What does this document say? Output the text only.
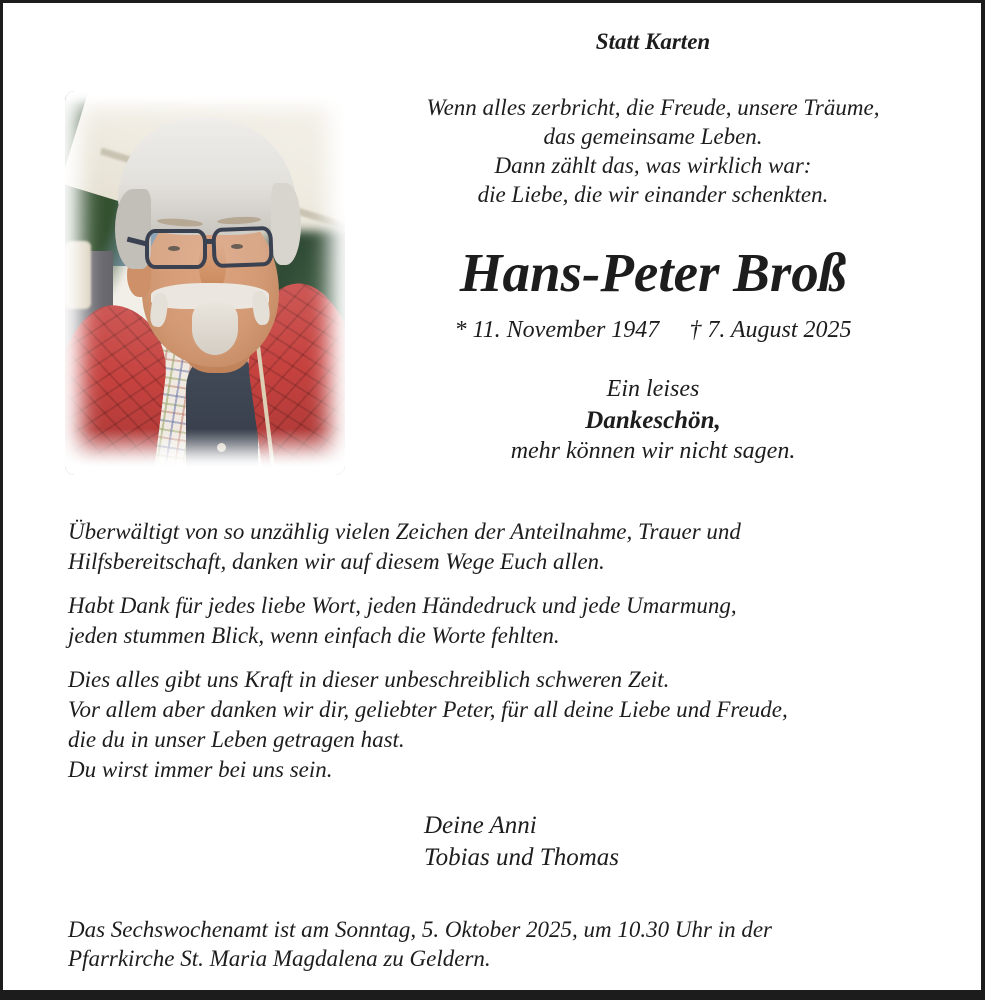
Statt Karten
Wenn alles zerbricht, die Freude, unsere Träume,
das gemeinsame Leben.
Dann zählt das, was wirklich war:
die Liebe, die wir einander schenkten.
Hans-Peter Broß
* 11. November 1947 † 7. August 2025
Ein leises
Dankeschön,
mehr können wir nicht sagen.

Überwältigt von so unzählig vielen Zeichen der Anteilnahme, Trauer und
Hilfsbereitschaft, danken wir auf diesem Wege Euch allen.

Habt Dank für jedes liebe Wort, jeden Händedruck und jede Umarmung,
jeden stummen Blick, wenn einfach die Worte fehlten.

Dies alles gibt uns Kraft in dieser unbeschreiblich schweren Zeit.
Vor allem aber danken wir dir, geliebter Peter, für all deine Liebe und Freude,
die du in unser Leben getragen hast.
Du wirst immer bei uns sein.

Deine Anni
Tobias und Thomas
Das Sechswochenamt ist am Sonntag, 5. Oktober 2025, um 10.30 Uhr in der
Pfarrkirche St. Maria Magdalena zu Geldern.
